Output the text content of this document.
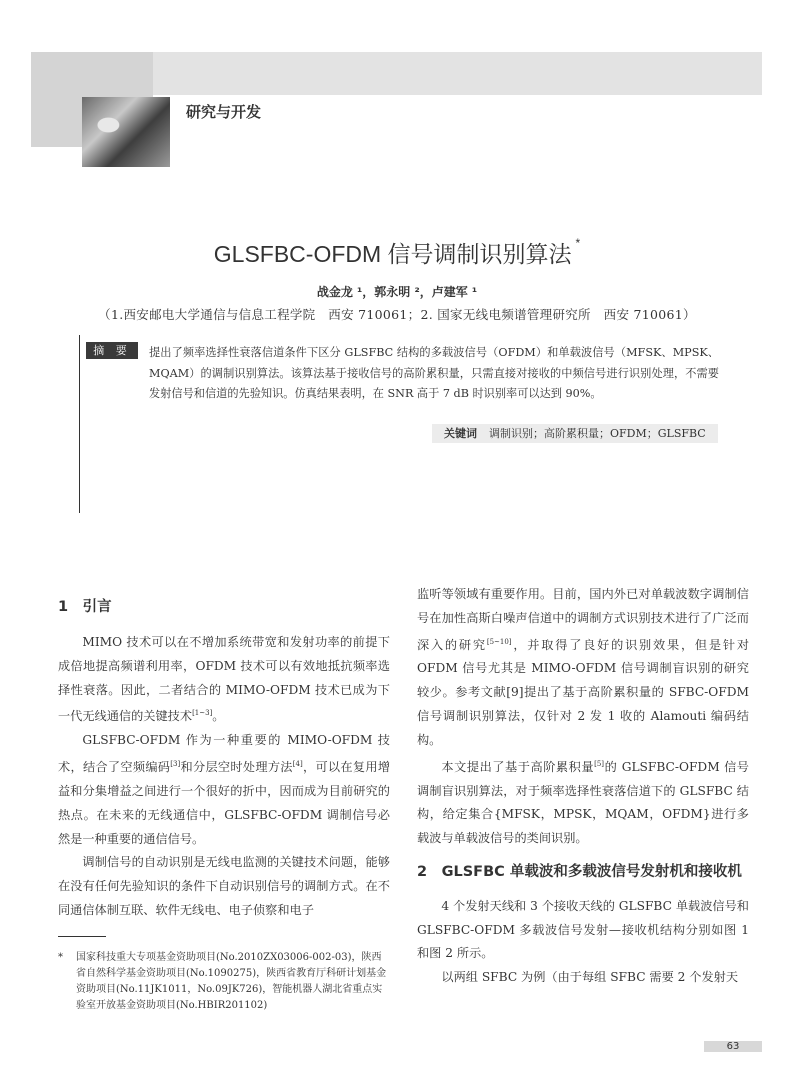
研究与开发
GLSFBC-OFDM 信号调制识别算法 *
战金龙 ¹，郭永明 ²，卢建军 ¹
（1.西安邮电大学通信与信息工程学院　西安 710061；2. 国家无线电频谱管理研究所　西安 710061）
摘 要	提出了频率选择性衰落信道条件下区分 GLSFBC 结构的多载波信号（OFDM）和单载波信号（MFSK、MPSK、MQAM）的调制识别算法。该算法基于接收信号的高阶累积量，只需直接对接收的中频信号进行识别处理，不需要发射信号和信道的先验知识。仿真结果表明，在 SNR 高于 7 dB 时识别率可以达到 90%。
关键词 调制识别；高阶累积量；OFDM；GLSFBC
1　引言

MIMO 技术可以在不增加系统带宽和发射功率的前提下成倍地提高频谱利用率，OFDM 技术可以有效地抵抗频率选择性衰落。因此，二者结合的 MIMO-OFDM 技术已成为下一代无线通信的关键技术[1~3]。

GLSFBC-OFDM 作为一种重要的 MIMO-OFDM 技术，结合了空频编码[3]和分层空时处理方法[4]，可以在复用增益和分集增益之间进行一个很好的折中，因而成为目前研究的热点。在未来的无线通信中，GLSFBC-OFDM 调制信号必然是一种重要的通信信号。

调制信号的自动识别是无线电监测的关键技术问题，能够在没有任何先验知识的条件下自动识别信号的调制方式。在不同通信体制互联、软件无线电、电子侦察和电子

监听等领域有重要作用。目前，国内外已对单载波数字调制信号在加性高斯白噪声信道中的调制方式识别技术进行了广泛而深入的研究[5~10]，并取得了良好的识别效果，但是针对 OFDM 信号尤其是 MIMO-OFDM 信号调制盲识别的研究较少。参考文献[9]提出了基于高阶累积量的 SFBC-OFDM 信号调制识别算法，仅针对 2 发 1 收的 Alamouti 编码结构。

本文提出了基于高阶累积量[5]的 GLSFBC-OFDM 信号调制盲识别算法，对于频率选择性衰落信道下的 GLSFBC 结构，给定集合{MFSK，MPSK，MQAM，OFDM}进行多载波与单载波信号的类间识别。

2　GLSFBC 单载波和多载波信号发射机和接收机

4 个发射天线和 3 个接收天线的 GLSFBC 单载波信号和 GLSFBC-OFDM 多载波信号发射—接收机结构分别如图 1 和图 2 所示。

以两组 SFBC 为例（由于每组 SFBC 需要 2 个发射天

* 国家科技重大专项基金资助项目(No.2010ZX03006-002-03)，陕西省自然科学基金资助项目(No.1090275)，陕西省教育厅科研计划基金资助项目(No.11JK1011，No.09JK726)，智能机器人湖北省重点实验室开放基金资助项目(No.HBIR201102)
63
